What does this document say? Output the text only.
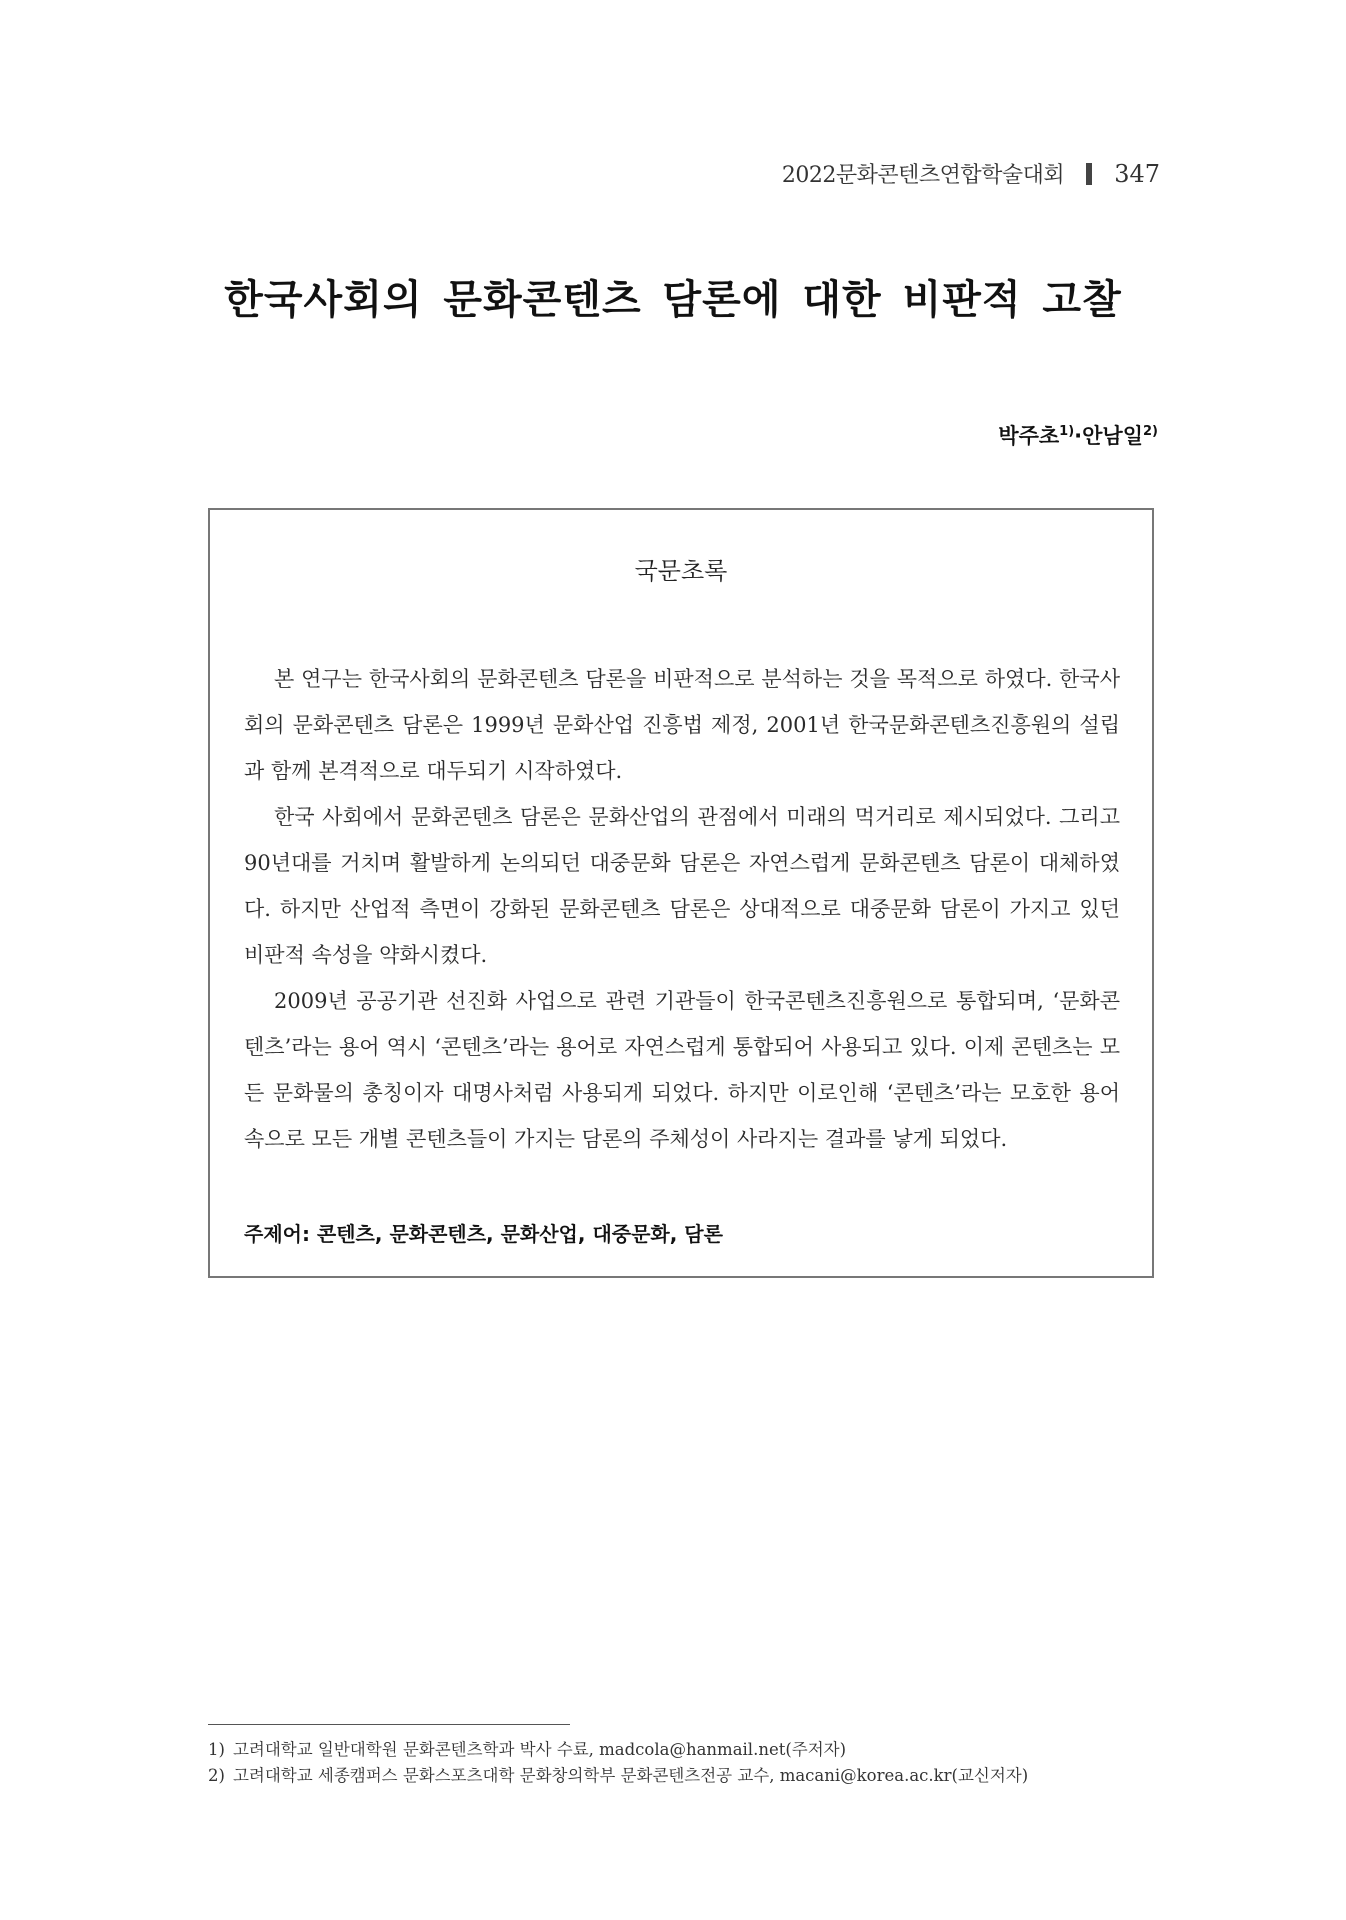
2022문화콘텐츠연합학술대회 347
한국사회의 문화콘텐츠 담론에 대한 비판적 고찰
박주초$^{1)}$·안남일$^{2)}$
국문초록

본 연구는 한국사회의 문화콘텐츠 담론을 비판적으로 분석하는 것을 목적으로 하였다. 한국사회의 문화콘텐츠 담론은 1999년 문화산업 진흥법 제정, 2001년 한국문화콘텐츠진흥원의 설립과 함께 본격적으로 대두되기 시작하였다.

한국 사회에서 문화콘텐츠 담론은 문화산업의 관점에서 미래의 먹거리로 제시되었다. 그리고 90년대를 거치며 활발하게 논의되던 대중문화 담론은 자연스럽게 문화콘텐츠 담론이 대체하였다. 하지만 산업적 측면이 강화된 문화콘텐츠 담론은 상대적으로 대중문화 담론이 가지고 있던 비판적 속성을 약화시켰다.

2009년 공공기관 선진화 사업으로 관련 기관들이 한국콘텐츠진흥원으로 통합되며, ‘문화콘텐츠’라는 용어 역시 ‘콘텐츠’라는 용어로 자연스럽게 통합되어 사용되고 있다. 이제 콘텐츠는 모든 문화물의 총칭이자 대명사처럼 사용되게 되었다. 하지만 이로인해 ‘콘텐츠’라는 모호한 용어 속으로 모든 개별 콘텐츠들이 가지는 담론의 주체성이 사라지는 결과를 낳게 되었다.

주제어: 콘텐츠, 문화콘텐츠, 문화산업, 대중문화, 담론
1) 고려대학교 일반대학원 문화콘텐츠학과 박사 수료, madcola@hanmail.net(주저자)
2) 고려대학교 세종캠퍼스 문화스포츠대학 문화창의학부 문화콘텐츠전공 교수, macani@korea.ac.kr(교신저자)
